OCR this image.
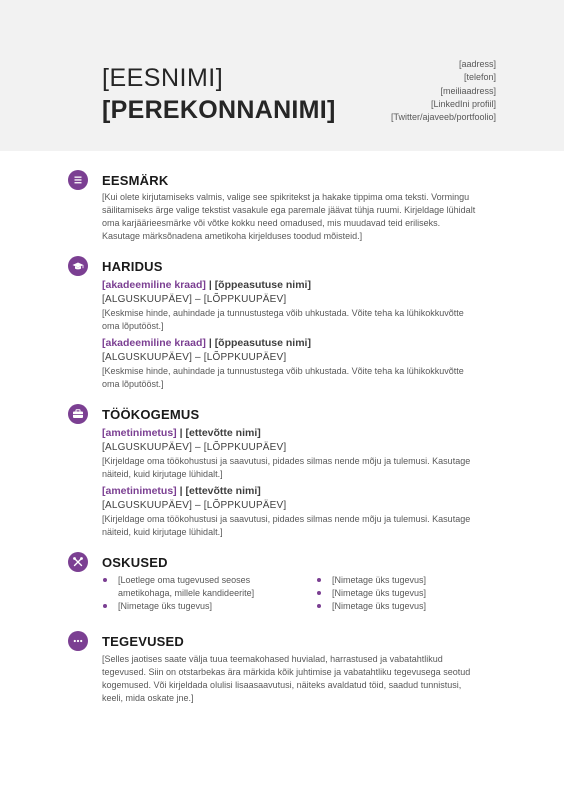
[EESNIMI]
[PEREKONNANIMI]
[aadress]
[telefon]
[meiliaadress]
[LinkedIni profiil]
[Twitter/ajaveeb/portfoolio]
EESMÄRK
[Kui olete kirjutamiseks valmis, valige see spikritekst ja hakake tippima oma teksti. Vormingu
säilitamiseks ärge valige tekstist vasakule ega paremale jäävat tühja ruumi. Kirjeldage lühidalt
oma karjäärieesmärke või võtke kokku need omadused, mis muudavad teid eriliseks.
Kasutage märksõnadena ametikoha kirjelduses toodud mõisteid.]
HARIDUS
[akadeemiline kraad] | [õppeasutuse nimi]
[ALGUSKUUPÄEV] – [LÕPPKUUPÄEV]
[Keskmise hinde, auhindade ja tunnustustega võib uhkustada. Võite teha ka lühikokkuvõtte
oma lõputööst.]
[akadeemiline kraad] | [õppeasutuse nimi]
[ALGUSKUUPÄEV] – [LÕPPKUUPÄEV]
[Keskmise hinde, auhindade ja tunnustustega võib uhkustada. Võite teha ka lühikokkuvõtte
oma lõputööst.]
TÖÖKOGEMUS
[ametinimetus] | [ettevõtte nimi]
[ALGUSKUUPÄEV] – [LÕPPKUUPÄEV]
[Kirjeldage oma töökohustusi ja saavutusi, pidades silmas nende mõju ja tulemusi. Kasutage
näiteid, kuid kirjutage lühidalt.]
[ametinimetus] | [ettevõtte nimi]
[ALGUSKUUPÄEV] – [LÕPPKUUPÄEV]
[Kirjeldage oma töökohustusi ja saavutusi, pidades silmas nende mõju ja tulemusi. Kasutage
näiteid, kuid kirjutage lühidalt.]
OSKUSED
[Loetlege oma tugevused seoses
ametikohaga, millele kandideerite]
[Nimetage üks tugevus]
[Nimetage üks tugevus]
[Nimetage üks tugevus]
[Nimetage üks tugevus]
TEGEVUSED
[Selles jaotises saate välja tuua teemakohased huvialad, harrastused ja vabatahtlikud
tegevused. Siin on otstarbekas ära märkida kõik juhtimise ja vabatahtliku tegevusega seotud
kogemused. Või kirjeldada olulisi lisaasaavutusi, näiteks avaldatud töid, saadud tunnistusi,
keeli, mida oskate jne.]
